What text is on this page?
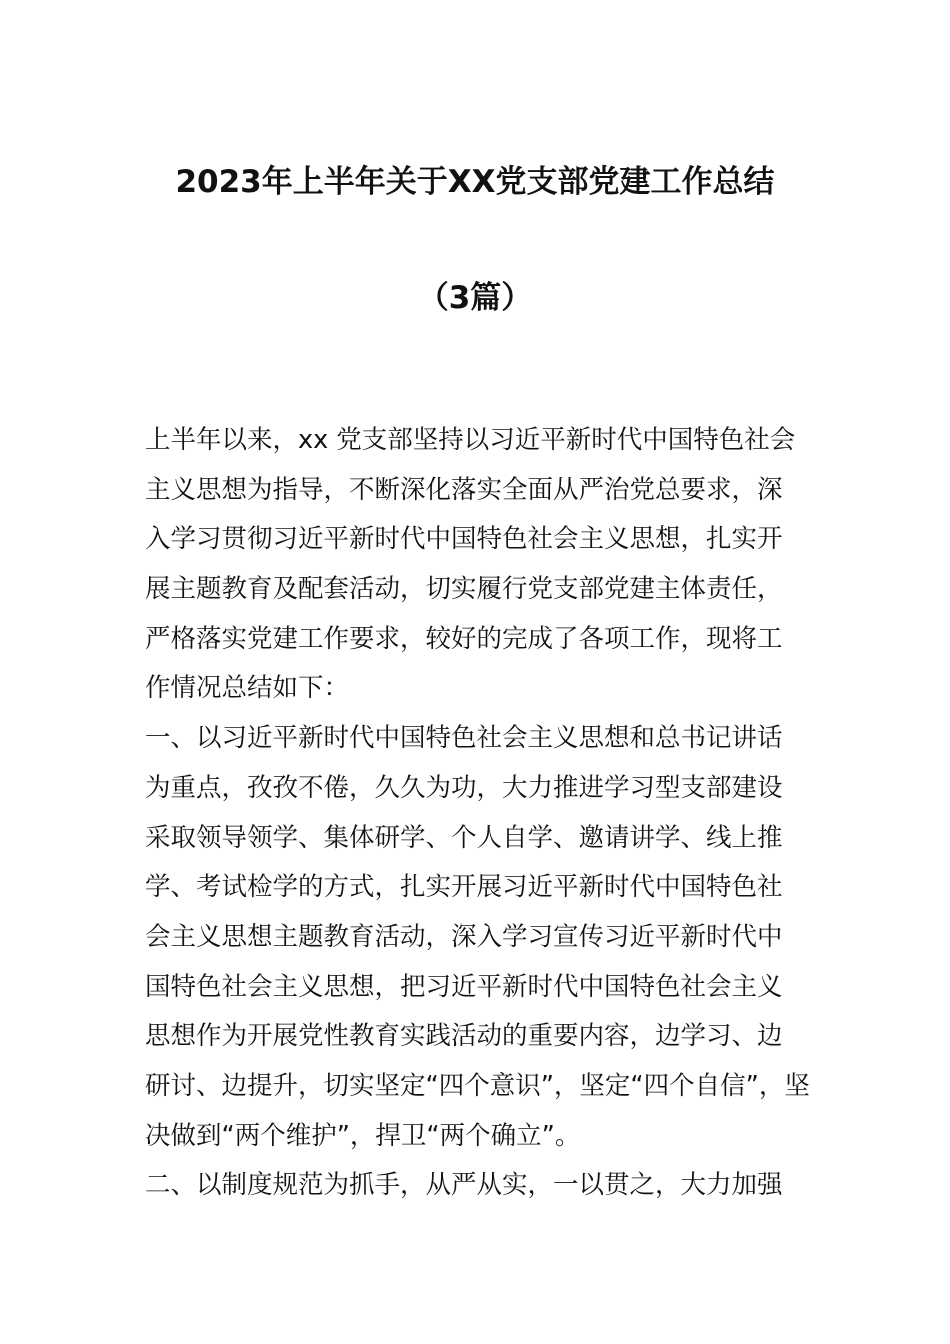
2023年上半年关于XX党支部党建工作总结
（3篇）
上半年以来，xx 党支部坚持以习近平新时代中国特色社会
主义思想为指导，不断深化落实全面从严治党总要求，深
入学习贯彻习近平新时代中国特色社会主义思想，扎实开
展主题教育及配套活动，切实履行党支部党建主体责任，
严格落实党建工作要求，较好的完成了各项工作，现将工
作情况总结如下：
一、以习近平新时代中国特色社会主义思想和总书记讲话
为重点，孜孜不倦，久久为功，大力推进学习型支部建设
采取领导领学、集体研学、个人自学、邀请讲学、线上推
学、考试检学的方式，扎实开展习近平新时代中国特色社
会主义思想主题教育活动，深入学习宣传习近平新时代中
国特色社会主义思想，把习近平新时代中国特色社会主义
思想作为开展党性教育实践活动的重要内容，边学习、边
研讨、边提升，切实坚定“四个意识”，坚定“四个自信”，坚
决做到“两个维护”，捍卫“两个确立”。
二、以制度规范为抓手，从严从实，一以贯之，大力加强
